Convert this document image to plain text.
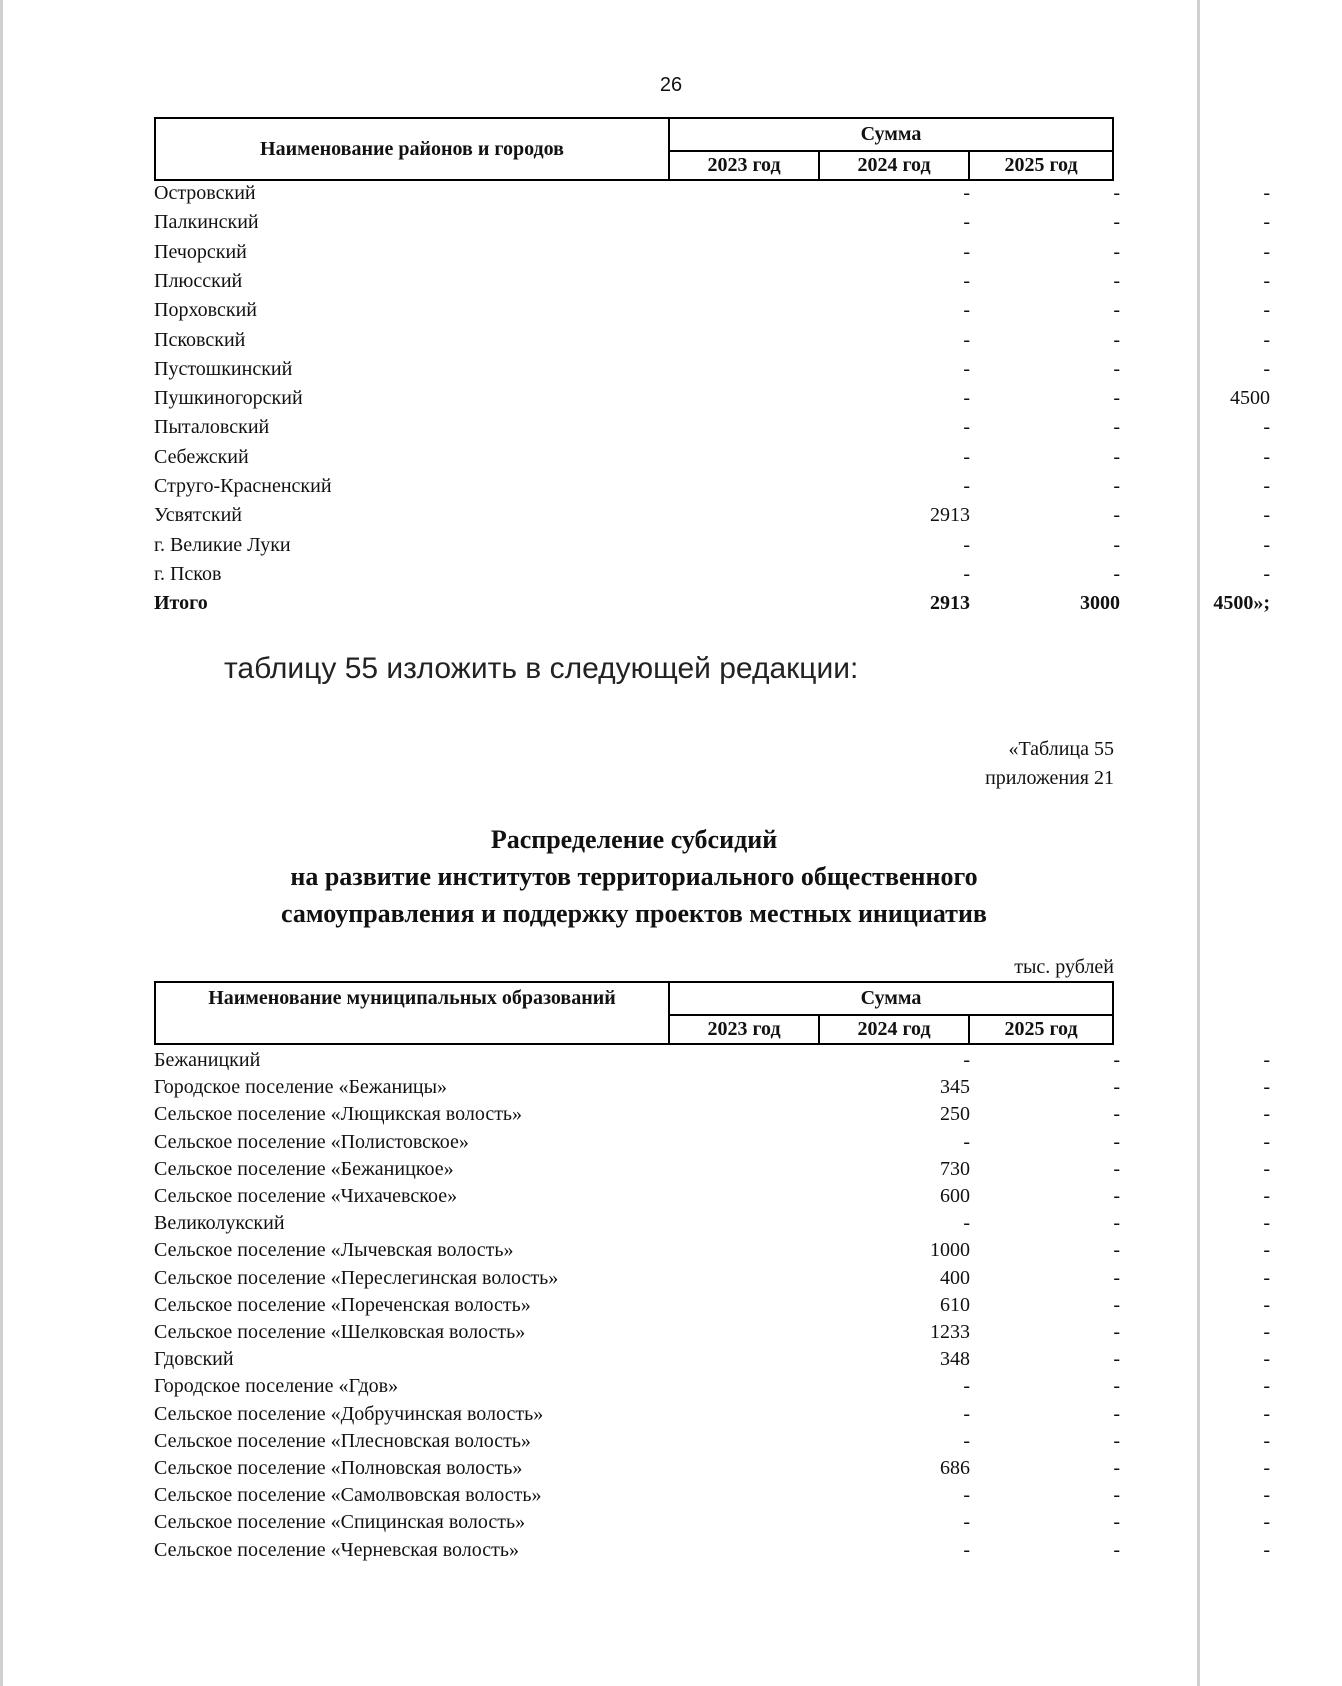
26
Наименование районов и городов
Сумма
2023 год	2024 год	2025 год
Островский	-	-	-
Палкинский	-	-	-
Печорский	-	-	-
Плюсский	-	-	-
Порховский	-	-	-
Псковский	-	-	-
Пустошкинский	-	-	-
Пушкиногорский	-	-	4500
Пыталовский	-	-	-
Себежский	-	-	-
Струго-Красненский	-	-	-
Усвятский	2913	-	-
г. Великие Луки	-	-	-
г. Псков	-	-	-
Итого	2913	3000	4500»;
таблицу 55 изложить в следующей редакции:
«Таблица 55
приложения 21
Распределение субсидий
на развитие институтов территориального общественного
самоуправления и поддержку проектов местных инициатив
тыс. рублей
Наименование муниципальных образований	Сумма
2023 год	2024 год	2025 год
Бежаницкий	-	-	-
Городское поселение «Бежаницы»	345	-	-
Сельское поселение «Лющикская волость»	250	-	-
Сельское поселение «Полистовское»	-	-	-
Сельское поселение «Бежаницкое»	730	-	-
Сельское поселение «Чихачевское»	600	-	-
Великолукский	-	-	-
Сельское поселение «Лычевская волость»	1000	-	-
Сельское поселение «Переслегинская волость»	400	-	-
Сельское поселение «Пореченская волость»	610	-	-
Сельское поселение «Шелковская волость»	1233	-	-
Гдовский	348	-	-
Городское поселение «Гдов»	-	-	-
Сельское поселение «Добручинская волость»	-	-	-
Сельское поселение «Плесновская волость»	-	-	-
Сельское поселение «Полновская волость»	686	-	-
Сельское поселение «Самолвовская волость»	-	-	-
Сельское поселение «Спицинская волость»	-	-	-
Сельское поселение «Черневская волость»	-	-	-
